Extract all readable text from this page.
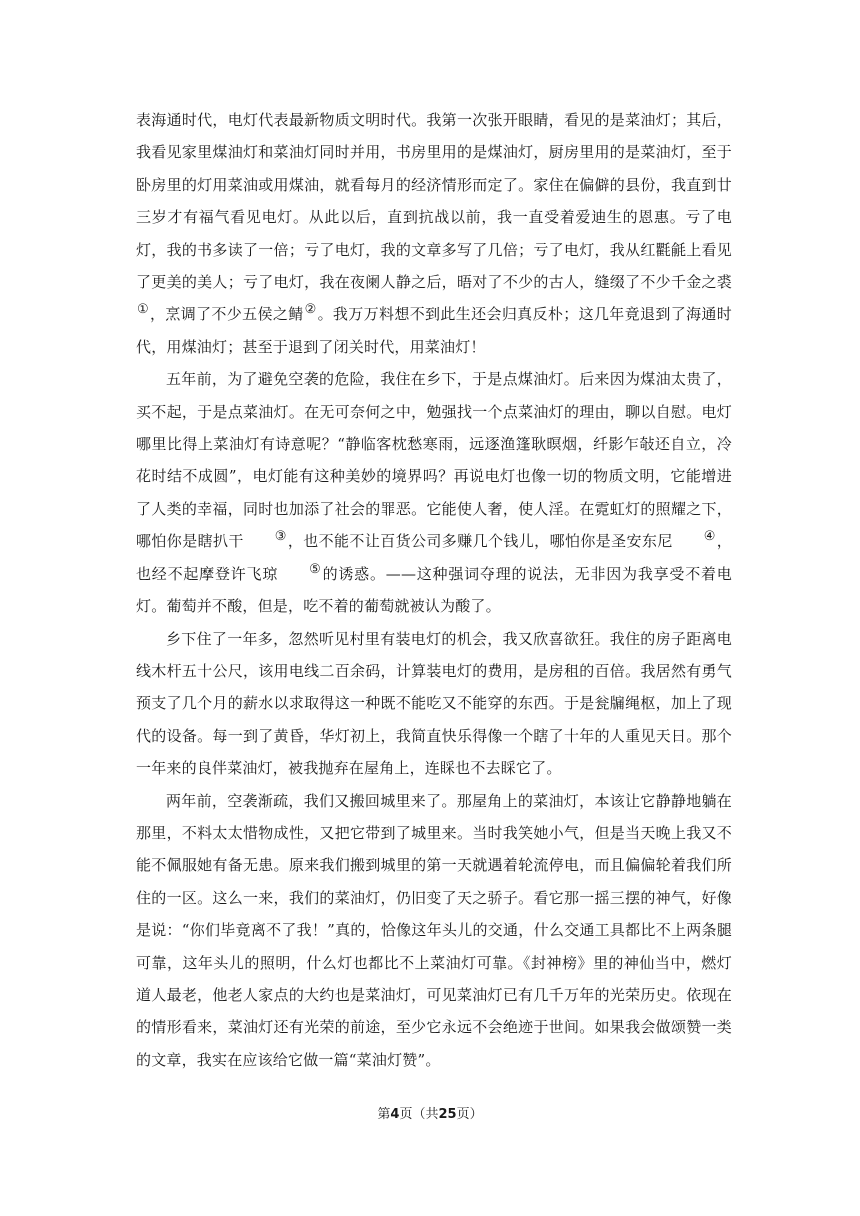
表海通时代，电灯代表最新物质文明时代。我第一次张开眼睛，看见的是菜油灯；其后，我看见家里煤油灯和菜油灯同时并用，书房里用的是煤油灯，厨房里用的是菜油灯，至于卧房里的灯用菜油或用煤油，就看每月的经济情形而定了。家住在偏僻的县份，我直到廿三岁才有福气看见电灯。从此以后，直到抗战以前，我一直受着爱迪生的恩惠。亏了电灯，我的书多读了一倍；亏了电灯，我的文章多写了几倍；亏了电灯，我从红氍毹上看见了更美的美人；亏了电灯，我在夜阑人静之后，晤对了不少的古人，缝缀了不少千金之裘①，烹调了不少五侯之鲭②。我万万料想不到此生还会归真反朴；这几年竟退到了海通时代，用煤油灯；甚至于退到了闭关时代，用菜油灯！

五年前，为了避免空袭的危险，我住在乡下，于是点煤油灯。后来因为煤油太贵了，买不起，于是点菜油灯。在无可奈何之中，勉强找一个点菜油灯的理由，聊以自慰。电灯哪里比得上菜油灯有诗意呢？“静临客枕愁寒雨，远逐渔篷耿暝烟，纤影乍敧还自立，冷花时结不成圆”，电灯能有这种美妙的境界吗？再说电灯也像一切的物质文明，它能增进了人类的幸福，同时也加添了社会的罪恶。它能使人奢，使人淫。在霓虹灯的照耀之下，哪怕你是瞎扒干 ③，也不能不让百货公司多赚几个钱儿，哪怕你是圣安东尼 ④，也经不起摩登许飞琼 ⑤的诱惑。——这种强词夺理的说法，无非因为我享受不着电灯。葡萄并不酸，但是，吃不着的葡萄就被认为酸了。

乡下住了一年多，忽然听见村里有装电灯的机会，我又欣喜欲狂。我住的房子距离电线木杆五十公尺，该用电线二百余码，计算装电灯的费用，是房租的百倍。我居然有勇气预支了几个月的薪水以求取得这一种既不能吃又不能穿的东西。于是瓮牖绳枢，加上了现代的设备。每一到了黄昏，华灯初上，我简直快乐得像一个瞎了十年的人重见天日。那个一年来的良伴菜油灯，被我抛弃在屋角上，连睬也不去睬它了。

两年前，空袭渐疏，我们又搬回城里来了。那屋角上的菜油灯，本该让它静静地躺在那里，不料太太惜物成性，又把它带到了城里来。当时我笑她小气，但是当天晚上我又不能不佩服她有备无患。原来我们搬到城里的第一天就遇着轮流停电，而且偏偏轮着我们所住的一区。这么一来，我们的菜油灯，仍旧变了天之骄子。看它那一摇三摆的神气，好像是说：“你们毕竟离不了我！”真的，恰像这年头儿的交通，什么交通工具都比不上两条腿可靠，这年头儿的照明，什么灯也都比不上菜油灯可靠。《封神榜》里的神仙当中，燃灯道人最老，他老人家点的大约也是菜油灯，可见菜油灯已有几千万年的光荣历史。依现在的情形看来，菜油灯还有光荣的前途，至少它永远不会绝迹于世间。如果我会做颂赞一类的文章，我实在应该给它做一篇“菜油灯赞”。

第4页（共25页）
